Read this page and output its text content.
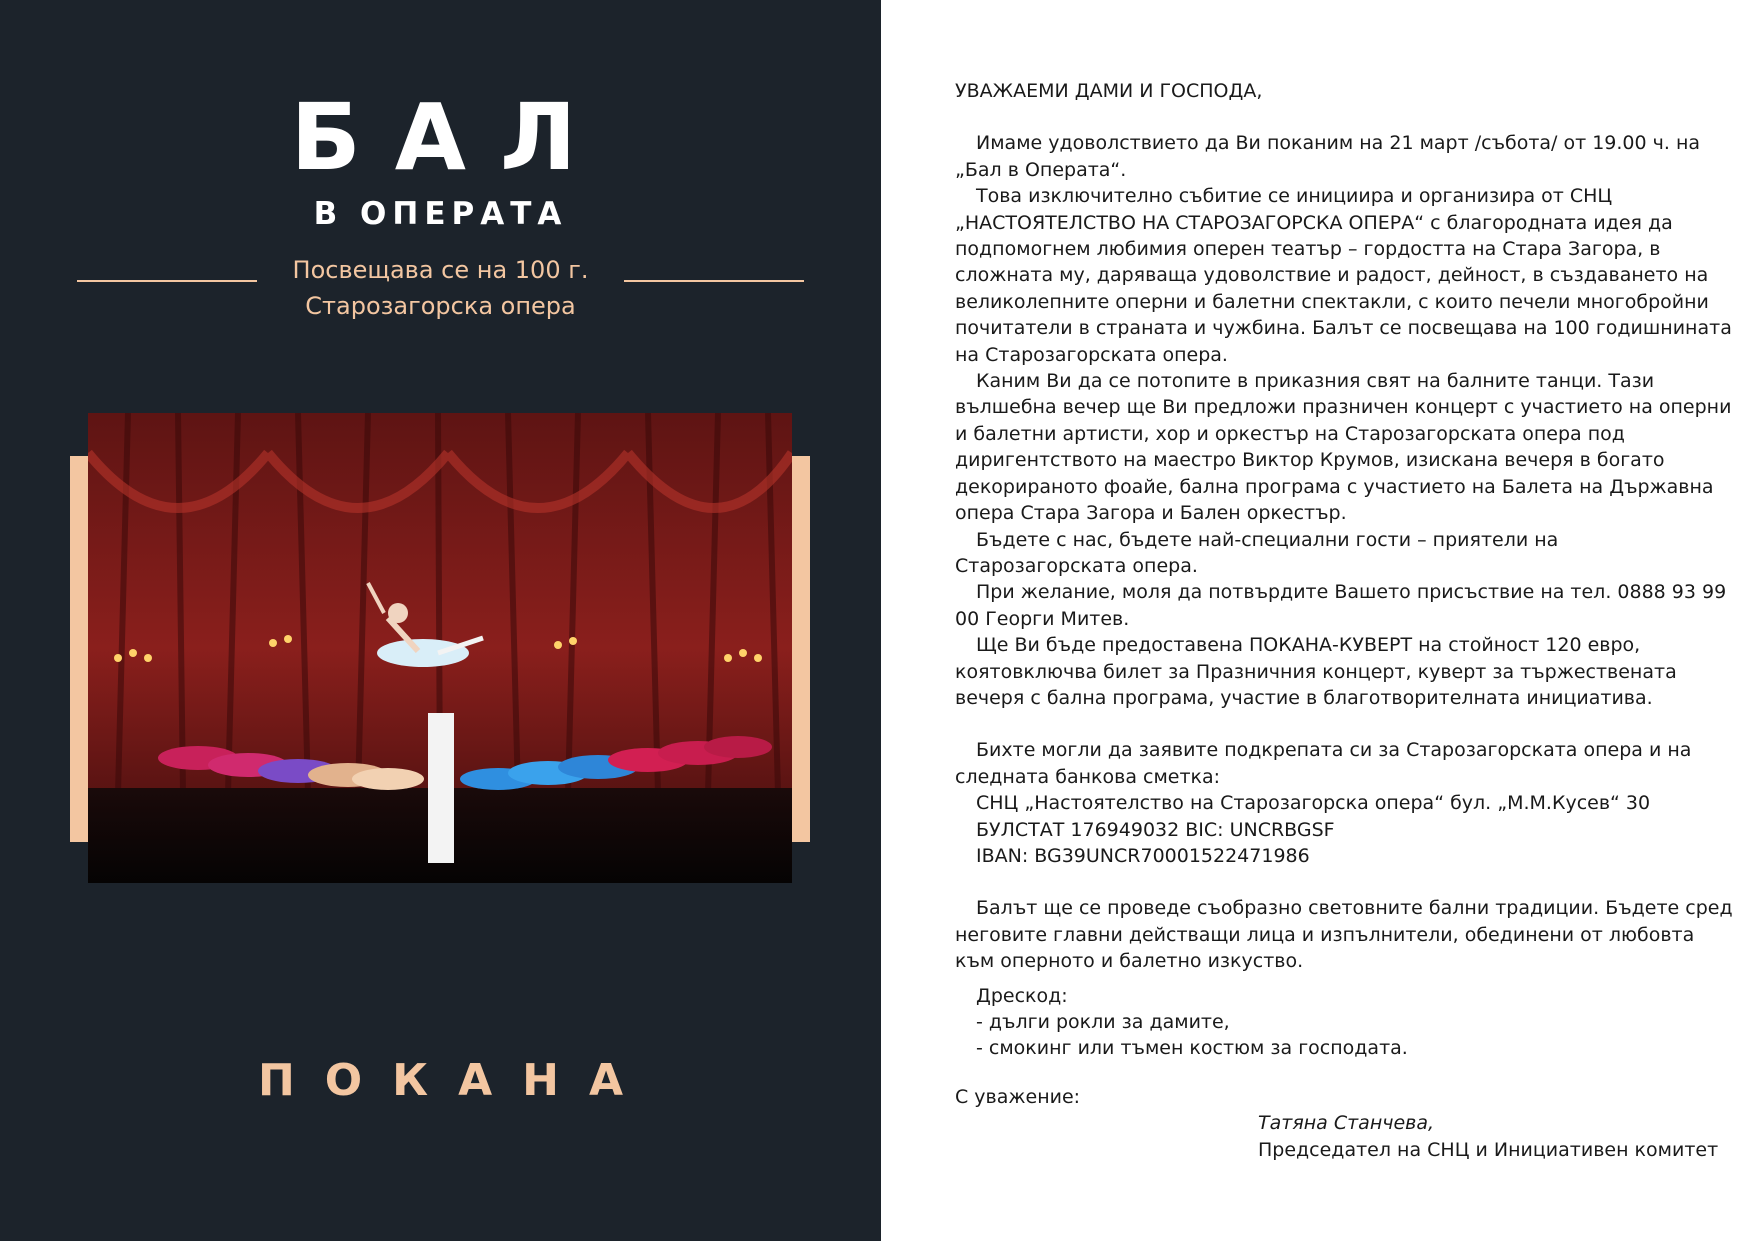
БАЛ
В ОПЕРАТА
Посвещава се на 100 г.
Старозагорска опера
ПОКАНА

УВАЖАЕМИ ДАМИ И ГОСПОДА,

Имаме удоволствието да Ви поканим на 21 март /събота/ от 19.00 ч. на „Бал в Операта“.

Това изключително събитие се инициира и организира от СНЦ „НАСТОЯТЕЛСТВО НА СТАРОЗАГОРСКА ОПЕРА“ с благородната идея да подпомогнем любимия оперен театър – гордостта на Стара Загора, в сложната му, даряваща удоволствие и радост, дейност, в създаването на великолепните оперни и балетни спектакли, с които печели многобройни почитатели в страната и чужбина. Балът се посвещава на 100 годишнината на Старозагорската опера.

Каним Ви да се потопите в приказния свят на балните танци. Тази вълшебна вечер ще Ви предложи празничен концерт с участието на оперни и балетни артисти, хор и оркестър на Старозагорската опера под диригентството на маестро Виктор Крумов, изискана вечеря в богато декорираното фоайе, бална програма с участието на Балета на Държавна опера Стара Загора и Бален оркестър.

Бъдете с нас, бъдете най-специални гости – приятели на Старозагорската опера.

При желание, моля да потвърдите Вашето присъствие на тел. 0888 93 99 00 Георги Митев.

Ще Ви бъде предоставена ПОКАНА-КУВЕРТ на стойност 120 евро, коятовключва билет за Празничния концерт, куверт за тържествената вечеря с бална програма, участие в благотворителната инициатива.

Бихте могли да заявите подкрепата си за Старозагорската опера и на следната банкова сметка:

СНЦ „Настоятелство на Старозагорска опера“ бул. „М.М.Кусев“ 30

БУЛСТАТ 176949032 BIC: UNCRBGSF

IBAN: BG39UNCR70001522471986

Балът ще се проведе съобразно световните бални традиции. Бъдете сред неговите главни действащи лица и изпълнители, обединени от любовта към оперното и балетно изкуство.

Дрескод:

- дълги рокли за дамите,

- смокинг или тъмен костюм за господата.

С уважение:

Татяна Станчева,

Председател на СНЦ и Инициативен комитет
